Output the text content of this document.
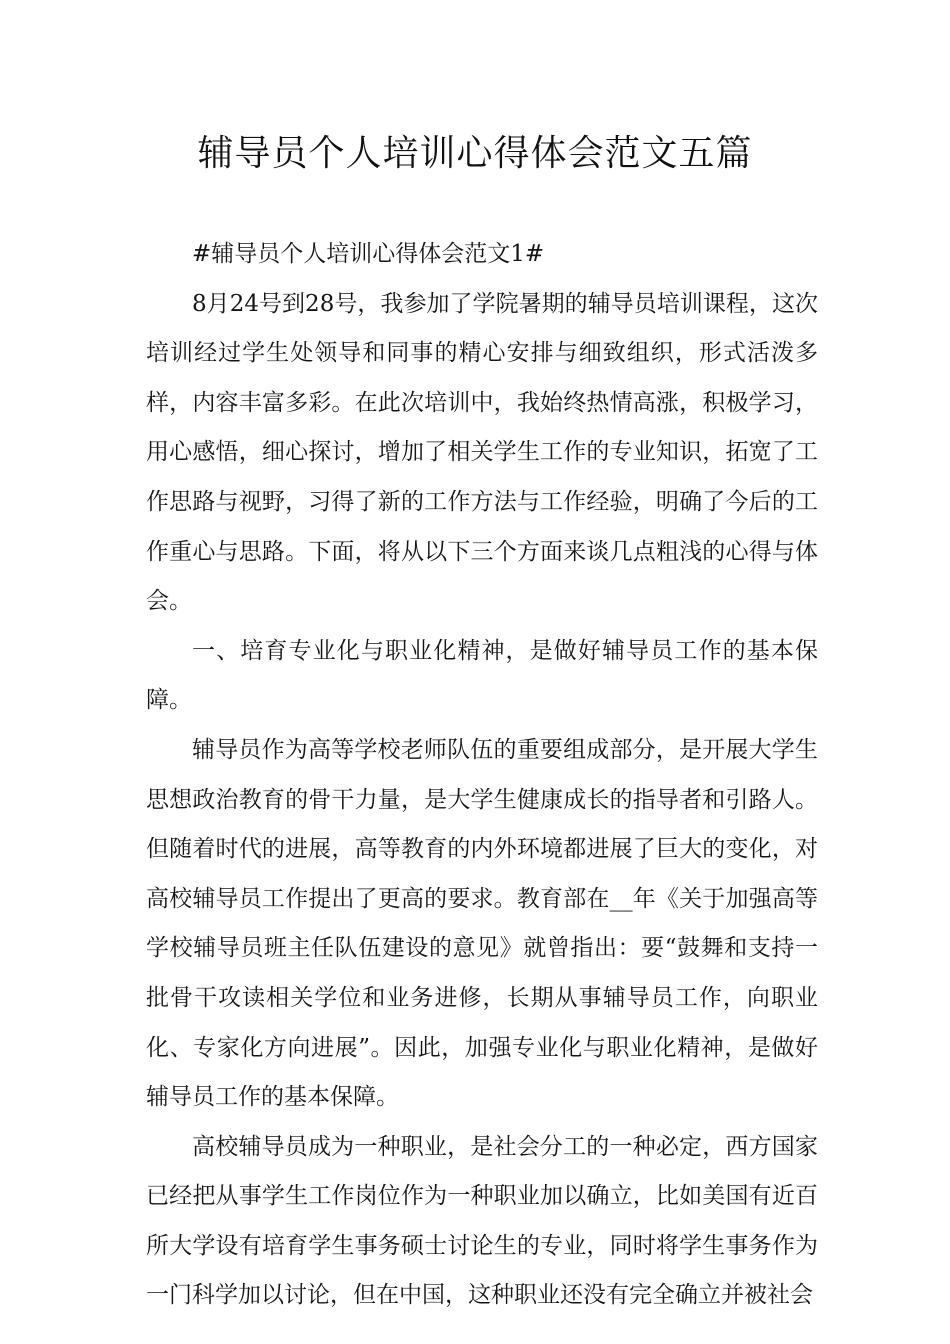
辅导员个人培训心得体会范文五篇

#辅导员个人培训心得体会范文1#

8月24号到28号，我参加了学院暑期的辅导员培训课程，这次培训经过学生处领导和同事的精心安排与细致组织，形式活泼多样，内容丰富多彩。在此次培训中，我始终热情高涨，积极学习，用心感悟，细心探讨，增加了相关学生工作的专业知识，拓宽了工作思路与视野，习得了新的工作方法与工作经验，明确了今后的工作重心与思路。下面，将从以下三个方面来谈几点粗浅的心得与体会。

一、培育专业化与职业化精神，是做好辅导员工作的基本保障。

辅导员作为高等学校老师队伍的重要组成部分，是开展大学生思想政治教育的骨干力量，是大学生健康成长的指导者和引路人。但随着时代的进展，高等教育的内外环境都进展了巨大的变化，对高校辅导员工作提出了更高的要求。教育部在__年《关于加强高等学校辅导员班主任队伍建设的意见》就曾指出：要“鼓舞和支持一批骨干攻读相关学位和业务进修，长期从事辅导员工作，向职业化、专家化方向进展”。因此，加强专业化与职业化精神，是做好辅导员工作的基本保障。

高校辅导员成为一种职业，是社会分工的一种必定，西方国家已经把从事学生工作岗位作为一种职业加以确立，比如美国有近百所大学设有培育学生事务硕士讨论生的专业，同时将学生事务作为一门科学加以讨论，但在中国，这种职业还没有完全确立并被社会
